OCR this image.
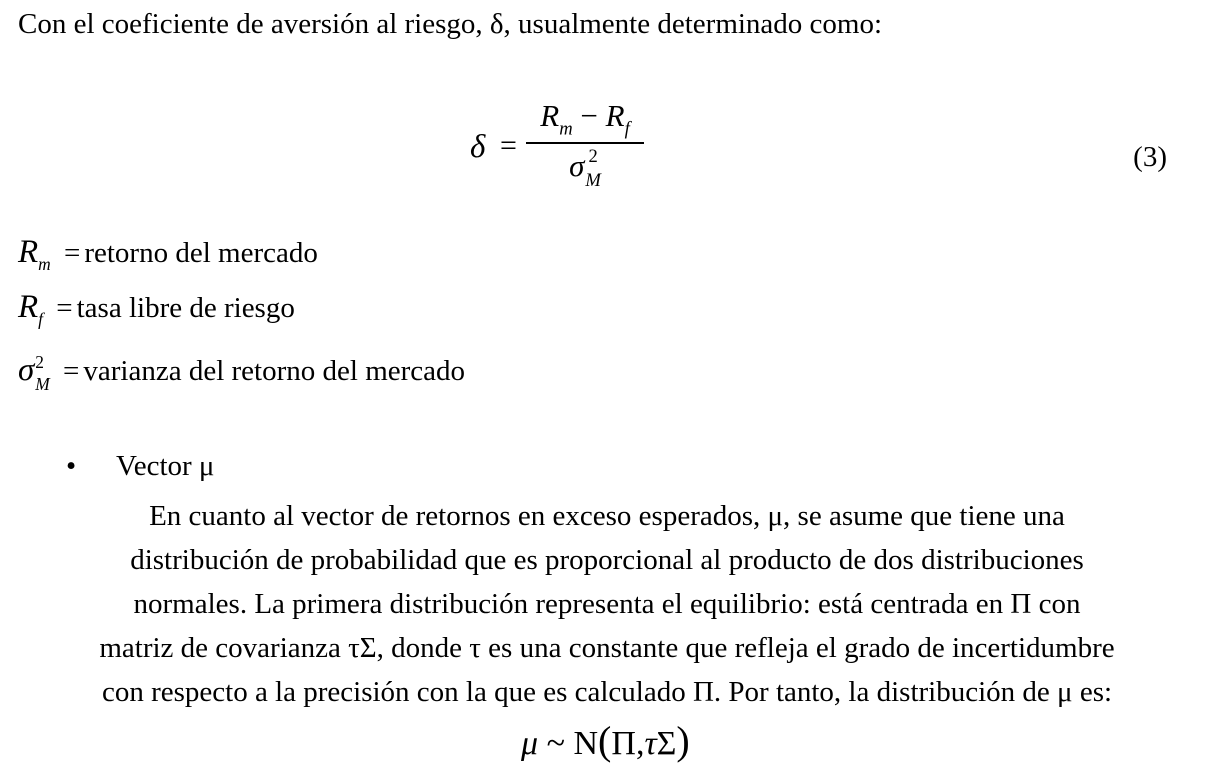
Con el coeficiente de aversión al riesgo, δ, usualmente determinado como:
δ =
$R_m - R_f$
σ 2
M
(3)
$R_m$ = retorno del mercado
$R_f$ = tasa libre de riesgo
σ 2
M = varianza del retorno del mercado
• Vector μ

En cuanto al vector de retornos en exceso esperados, μ, se asume que tiene una

distribución de probabilidad que es proporcional al producto de dos distribuciones

normales. La primera distribución representa el equilibrio: está centrada en Π con

matriz de covarianza τΣ, donde τ es una constante que refleja el grado de incertidumbre

con respecto a la precisión con la que es calculado Π. Por tanto, la distribución de μ es:

μ ~ N(Π,τΣ)
